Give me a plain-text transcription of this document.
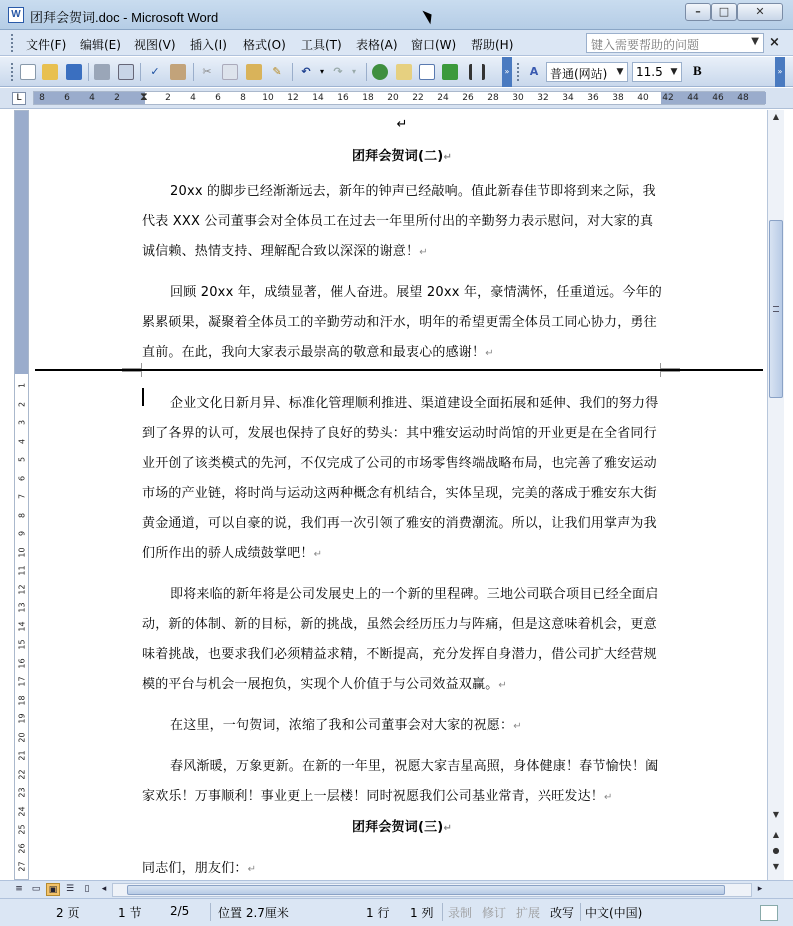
W 团拜会贺词.doc - Microsoft Word	–	□	✕
文件(F) 编辑(E) 视图(V) 插入(I) 格式(O) 工具(T) 表格(A) 窗口(W) 帮助(H)	键入需要帮助的问题	▼ ×
✓	✂	✎	↶	▾ ↷	▾	»	A 普通(网站) ▼	11.5 ▼ B	»
L	8 6 4 2 ⧗ 2 4 6 8 10 12 14 16 18 20 22 24 26 28 30 32 34 36 38 40 42 44 46 48
1
2
3
4
5
6
7
8
9
10
11
12
13
14
15
16
17
18
19
20
21
22
23
24
25
26
27

↵

团拜会贺词(二)↵

20xx 的脚步已经渐渐远去，新年的钟声已经敲响。值此新春佳节即将到来之际，我代表 XXX 公司董事会对全体员工在过去一年里所付出的辛勤努力表示慰问，对大家的真诚信赖、热情支持、理解配合致以深深的谢意！↵

回顾 20xx 年，成绩显著，催人奋进。展望 20xx 年，豪情满怀，任重道远。今年的累累硕果，凝聚着全体员工的辛勤劳动和汗水，明年的希望更需全体员工同心协力，勇往直前。在此，我向大家表示最崇高的敬意和最衷心的感谢！↵

企业文化日新月异、标准化管理顺利推进、渠道建设全面拓展和延伸、我们的努力得到了各界的认可，发展也保持了良好的势头：其中雅安运动时尚馆的开业更是在全省同行业开创了该类模式的先河，不仅完成了公司的市场零售终端战略布局，也完善了雅安运动市场的产业链，将时尚与运动这两种概念有机结合，实体呈现，完美的落成于雅安东大街黄金通道，可以自豪的说，我们再一次引领了雅安的消费潮流。所以，让我们用掌声为我们所作出的骄人成绩鼓掌吧！↵

即将来临的新年将是公司发展史上的一个新的里程碑。三地公司联合项目已经全面启动，新的体制、新的目标，新的挑战，虽然会经历压力与阵痛，但是这意味着机会，更意味着挑战，也要求我们必须精益求精，不断提高，充分发挥自身潜力，借公司扩大经营规模的平台与机会一展抱负，实现个人价值于与公司效益双赢。↵

在这里，一句贺词，浓缩了我和公司董事会对大家的祝愿：↵

春风渐暖，万象更新。在新的一年里，祝愿大家吉星高照，身体健康！春节愉快！阖家欢乐！万事顺利！事业更上一层楼！同时祝愿我们公司基业常青，兴旺发达！↵

团拜会贺词(三)↵

同志们，朋友们：↵

▲
▼
▲
●
▼
≡ ▭ ▣ ☰	▯	◂	▸
2 页	1 节 2/5 位置 2.7厘米	1 行 1 列 录制 修订 扩展 改写 中文(中国)
